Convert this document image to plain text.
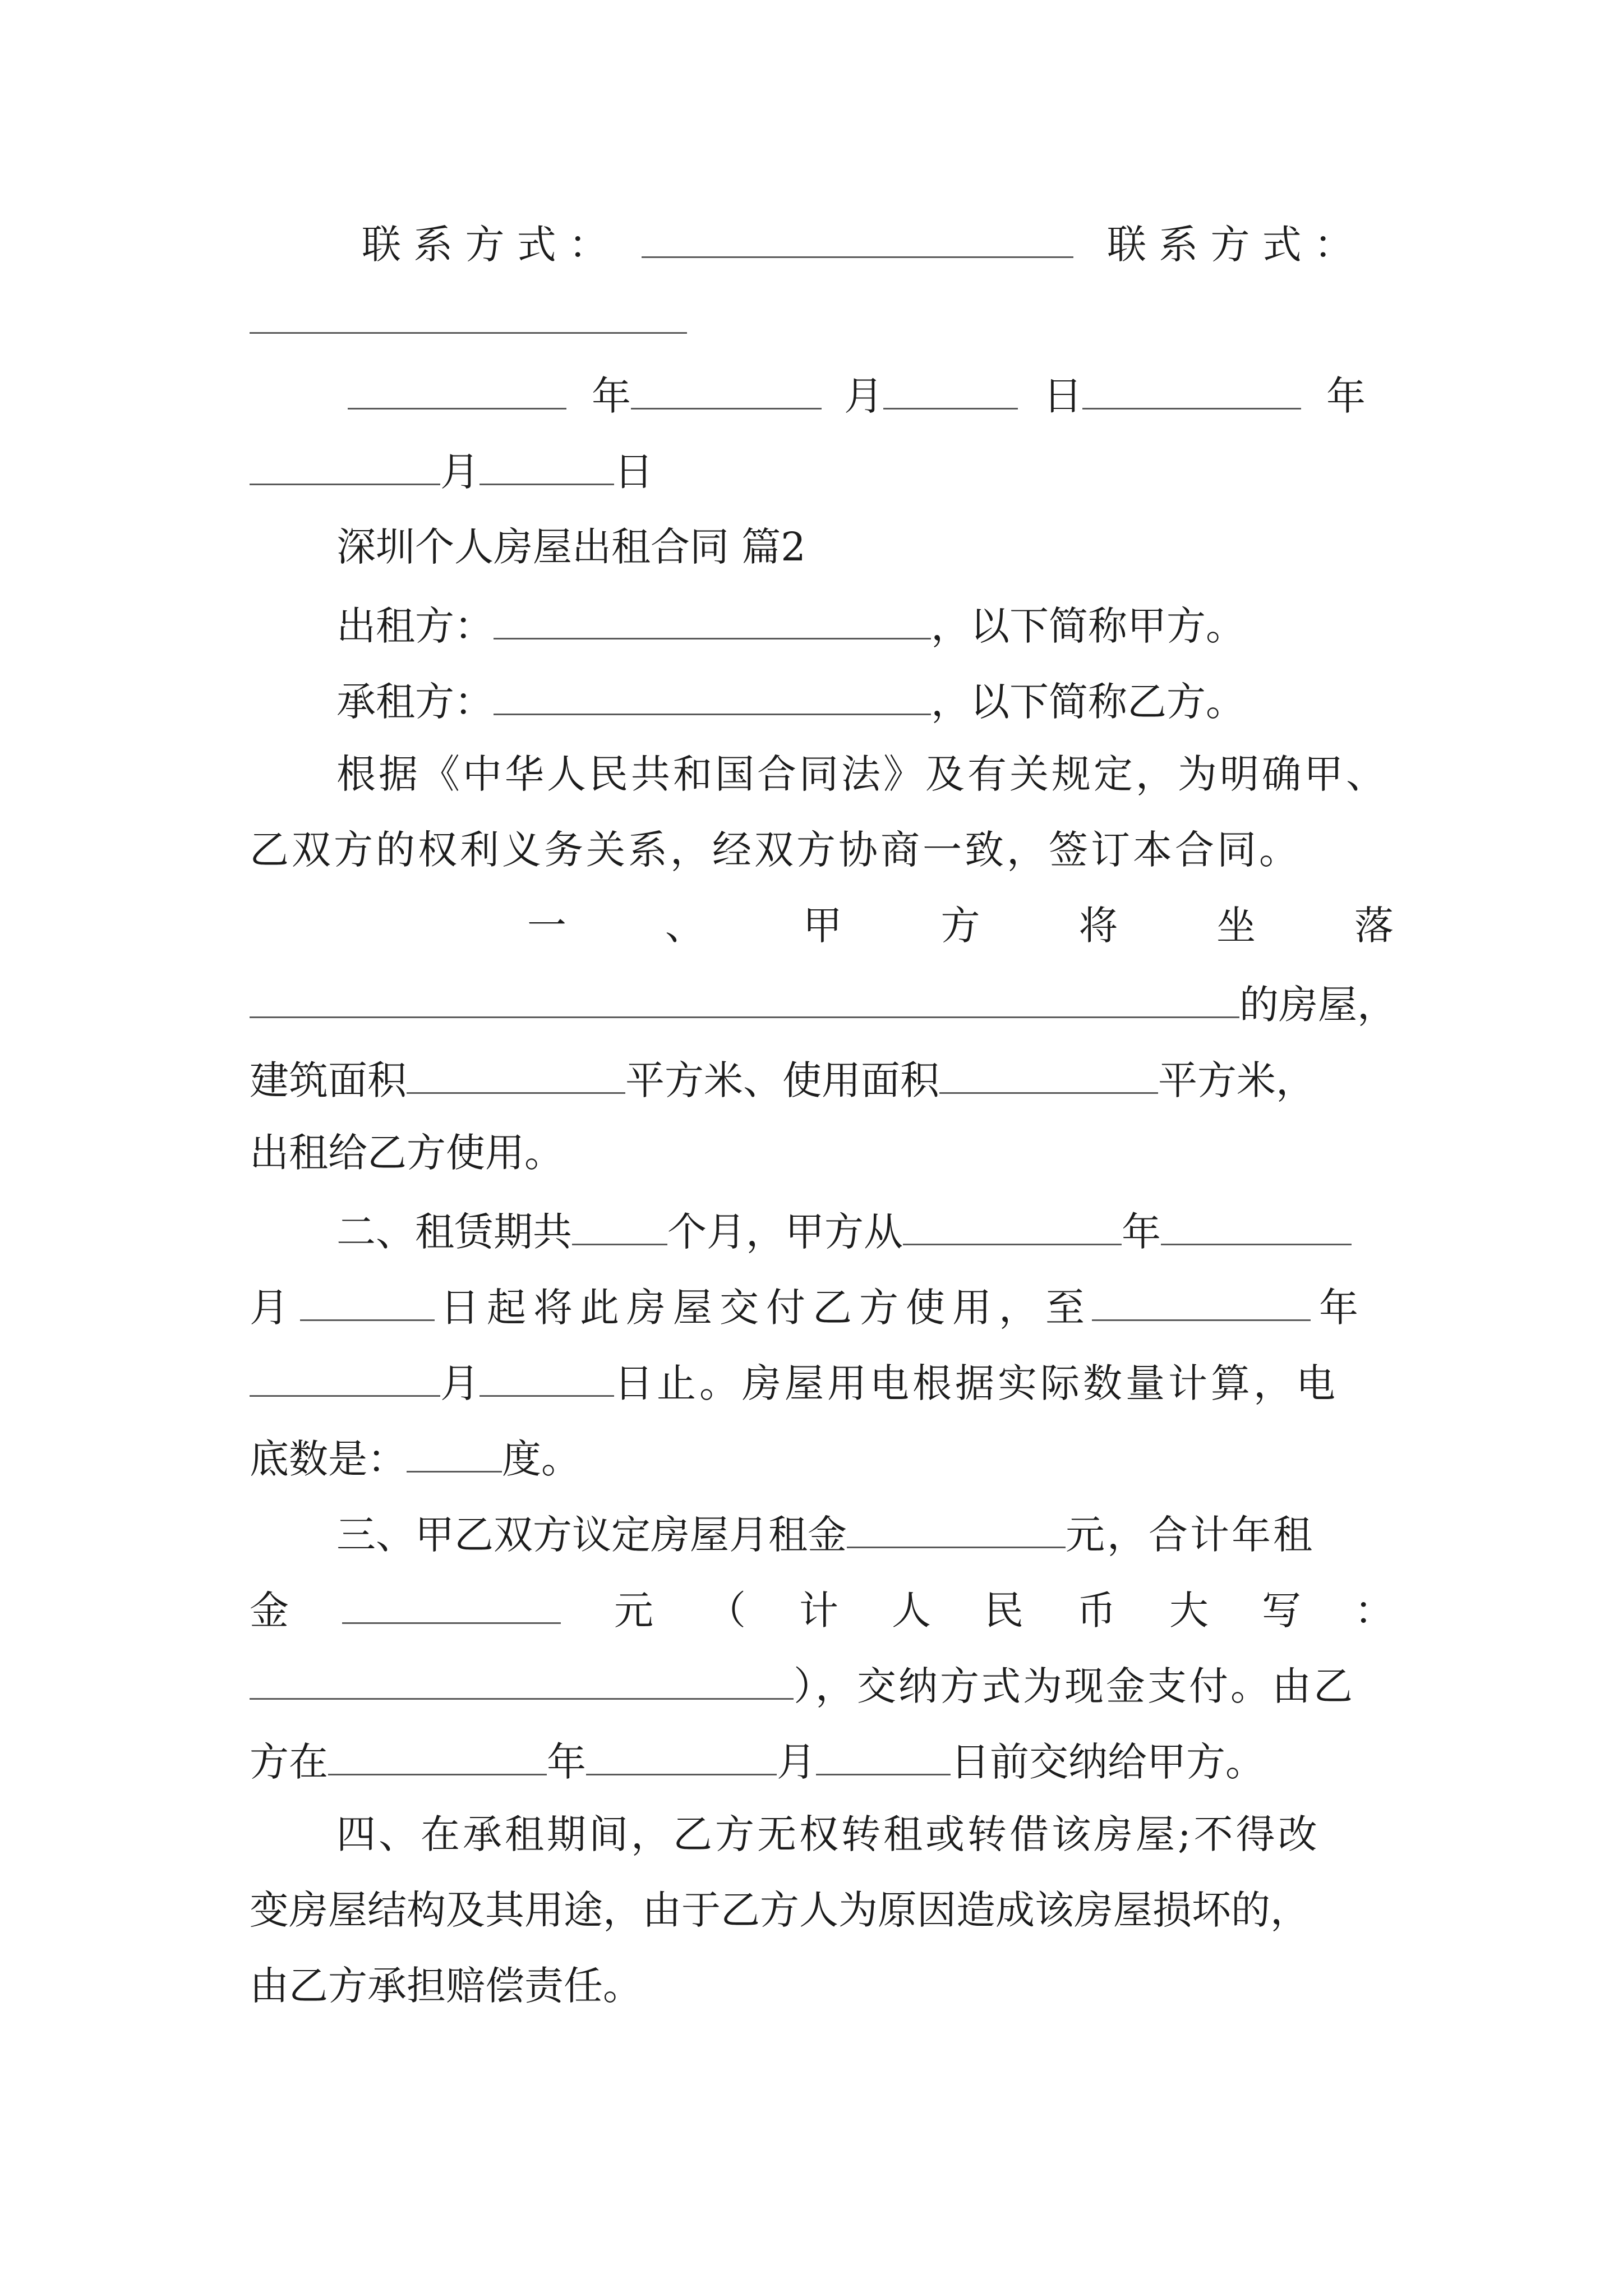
联 系 方 式 ：	联 系 方 式 ：
年	月	日	年
月	日
深圳个人房屋出租合同 篇2
出租方：	，以下简称甲方。
承租方：	，以下简称乙方。
根据《中华人民共和国合同法》及有关规定，为明确甲、
乙双方的权利义务关系，经双方协商一致，签订本合同。
一	、	甲	方	将	坐	落
的房屋，
建筑面积	平方米、使用面积	平方米，
出租给乙方使用。
二、租赁期共 个月，甲方从	年
月	日起将此房屋交付乙方使用，至	年
月	日止。房屋用电根据实际数量计算，电
底数是： 度。
三、甲乙双方议定房屋月租金	元，合计年租
金	元 （ 计 人 民 币 大 写 ：
），交纳方式为现金支付。由乙
方在	年	月	日前交纳给甲方。
四、在承租期间，乙方无权转租或转借该房屋;不得改
变房屋结构及其用途，由于乙方人为原因造成该房屋损坏的，
由乙方承担赔偿责任。
